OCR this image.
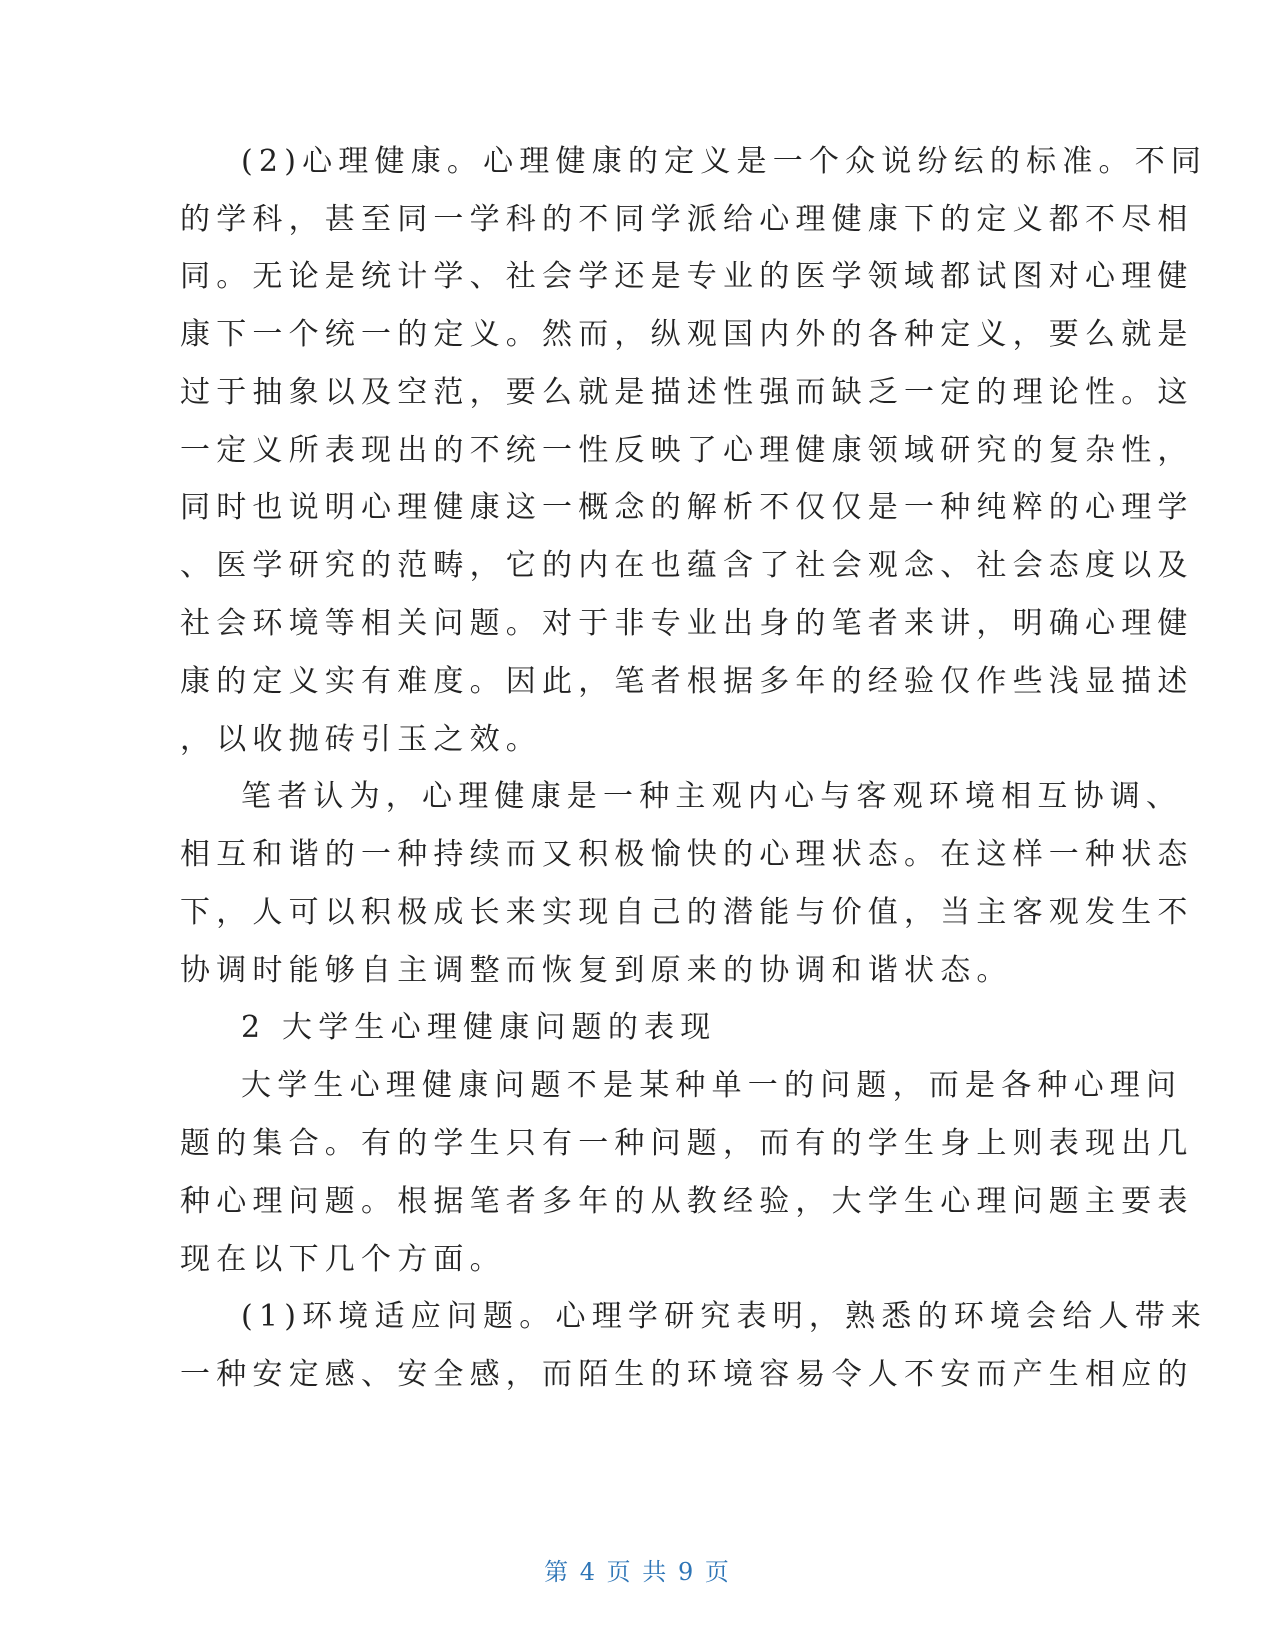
(2)心理健康。心理健康的定义是一个众说纷纭的标准。不同
的学科，甚至同一学科的不同学派给心理健康下的定义都不尽相
同。无论是统计学、社会学还是专业的医学领域都试图对心理健
康下一个统一的定义。然而，纵观国内外的各种定义，要么就是
过于抽象以及空范，要么就是描述性强而缺乏一定的理论性。这
一定义所表现出的不统一性反映了心理健康领域研究的复杂性，
同时也说明心理健康这一概念的解析不仅仅是一种纯粹的心理学
、医学研究的范畴，它的内在也蕴含了社会观念、社会态度以及
社会环境等相关问题。对于非专业出身的笔者来讲，明确心理健
康的定义实有难度。因此，笔者根据多年的经验仅作些浅显描述
，以收抛砖引玉之效。
笔者认为，心理健康是一种主观内心与客观环境相互协调、
相互和谐的一种持续而又积极愉快的心理状态。在这样一种状态
下，人可以积极成长来实现自己的潜能与价值，当主客观发生不
协调时能够自主调整而恢复到原来的协调和谐状态。
2 大学生心理健康问题的表现
大学生心理健康问题不是某种单一的问题，而是各种心理问
题的集合。有的学生只有一种问题，而有的学生身上则表现出几
种心理问题。根据笔者多年的从教经验，大学生心理问题主要表
现在以下几个方面。
(1)环境适应问题。心理学研究表明，熟悉的环境会给人带来
一种安定感、安全感，而陌生的环境容易令人不安而产生相应的
第 4 页 共 9 页
